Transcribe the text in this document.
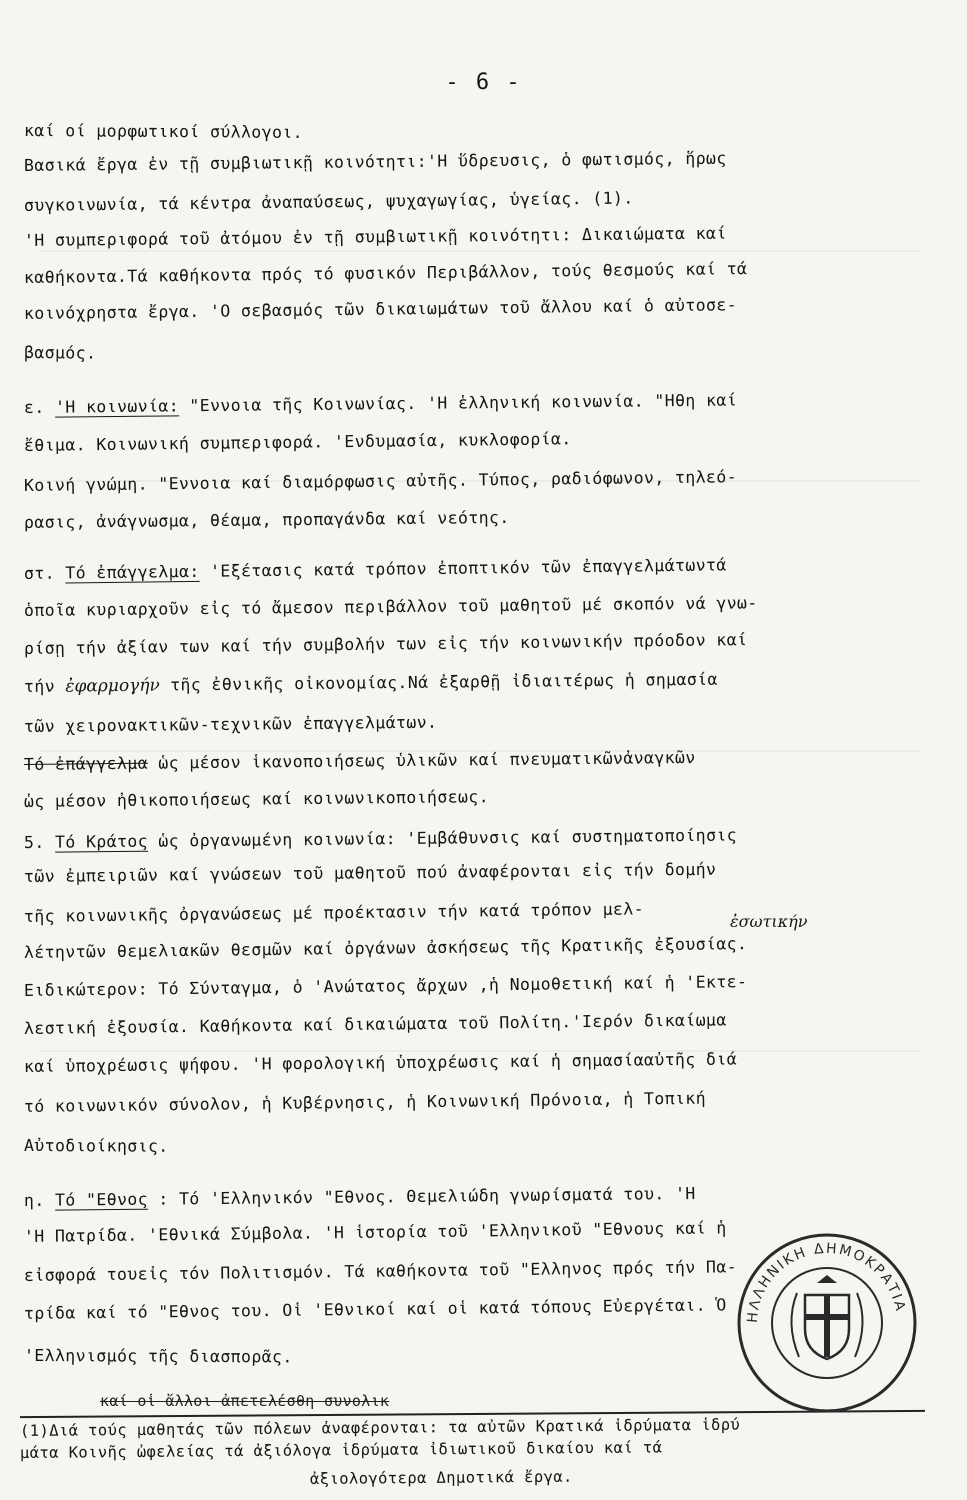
- 6 -
καί οί μορφωτικοί σύλλογοι.
Βασικά ἔργα ἐν τῇ συμβιωτικῇ κοινότητι:'Η ὕδρευσις, ὁ φωτισμός, ἥρως
συγκοινωνία, τά κέντρα ἀναπαύσεως, ψυχαγωγίας, ὑγείας. (1).
'Η συμπεριφορά τοῦ ἀτόμου ἐν τῇ συμβιωτικῇ κοινότητι: Δικαιώματα καί
καθήκοντα.Τά καθήκοντα πρός τό φυσικόν Περιβάλλον, τούς θεσμούς καί τά
κοινόχρηστα ἔργα. 'Ο σεβασμός τῶν δικαιωμάτων τοῦ ἄλλου καί ὁ αὐτοσε-
βασμός.
ε. 'Η κοινωνία: "Εννοια τῆς Κοινωνίας. 'Η ἑλληνική κοινωνία. "Ηθη καί
ἔθιμα. Κοινωνική συμπεριφορά. 'Ενδυμασία, κυκλοφορία.
Κοινή γνώμη. "Εννοια καί διαμόρφωσις αὐτῆς. Τύπος, ραδιόφωνον, τηλεό-
ρασις, ἀνάγνωσμα, θέαμα, προπαγάνδα καί νεότης.
στ. Τό ἐπάγγελμα: 'Εξέτασις κατά τρόπον ἐποπτικόν τῶν ἐπαγγελμάτωντά
ὁποῖα κυριαρχοῦν εἰς τό ἄμεσον περιβάλλον τοῦ μαθητοῦ μέ σκοπόν νά γνω-
ρίσῃ τήν ἀξίαν των καί τήν συμβολήν των εἰς τήν κοινωνικήν πρόοδον καί
τήν ἐφαρμογήν τῆς ἐθνικῆς οἰκονομίας.Νά ἐξαρθῇ ἰδιαιτέρως ἡ σημασία
τῶν χειρονακτικῶν-τεχνικῶν ἐπαγγελμάτων.
Τό ἐπάγγελμα ὡς μέσον ἱκανοποιήσεως ὑλικῶν καί πνευματικῶνἀναγκῶν
ὡς μέσον ἠθικοποιήσεως καί κοινωνικοποιήσεως.
5. Τό Κράτος ὡς ὀργανωμένη κοινωνία: 'Εμβάθυνσις καί συστηματοποίησις
τῶν ἐμπειριῶν καί γνώσεων τοῦ μαθητοῦ πού ἀναφέρονται εἰς τήν δομήν
τῆς κοινωνικῆς ὀργανώσεως μέ προέκτασιν τήν κατά τρόπον μελ-
λέτηντῶν θεμελιακῶν θεσμῶν καί ὀργάνων ἀσκήσεως τῆς Κρατικῆς ἐξουσίας.
Ειδικώτερον: Τό Σύνταγμα, ὁ 'Ανώτατος ἄρχων ,ἡ Νομοθετική καί ἡ 'Εκτε-
λεστική ἐξουσία. Καθήκοντα καί δικαιώματα τοῦ Πολίτη.'Ιερόν δικαίωμα
καί ὑποχρέωσις ψήφου. 'Η φορολογική ὑποχρέωσις καί ἡ σημασίααὐτῆς διά
τό κοινωνικόν σύνολον, ἡ Κυβέρνησις, ἡ Κοινωνική Πρόνοια, ἡ Τοπική
Αὐτοδιοίκησις.
η. Τό "Εθνος : Τό 'Ελληνικόν "Εθνος. Θεμελιώδη γνωρίσματά του. 'Η
'Η Πατρίδα. 'Εθνικά Σύμβολα. 'Η ἱστορία τοῦ 'Ελληνικοῦ "Εθνους καί ἡ
εἰσφορά τουεἰς τόν Πολιτισμόν. Τά καθήκοντα τοῦ "Ελληνος πρός τήν Πα-
τρίδα καί τό "Εθνος του. Οἱ 'Εθνικοί καί οἱ κατά τόπους Εὐεργέται. Ὁ
'Ελληνισμός τῆς διασπορᾶς.
ἐσωτικήν
καί οἱ ἄλλοι ἀπετελέσθη συνολικ
(1)Διά τούς μαθητάς τῶν πόλεων ἀναφέρονται: τα αὐτῶν Κρατικά ἱδρύματα ἱδρύ
μάτα Κοινῆς ὠφελείας τά ἀξιόλογα ἱδρύματα ἰδιωτικοῦ δικαίου καί τά
ἀξιολογότερα Δημοτικά ἔργα.
ΗΛΛΗΝΙΚΗ ΔΗΜΟΚΡΑΤΙΑ
